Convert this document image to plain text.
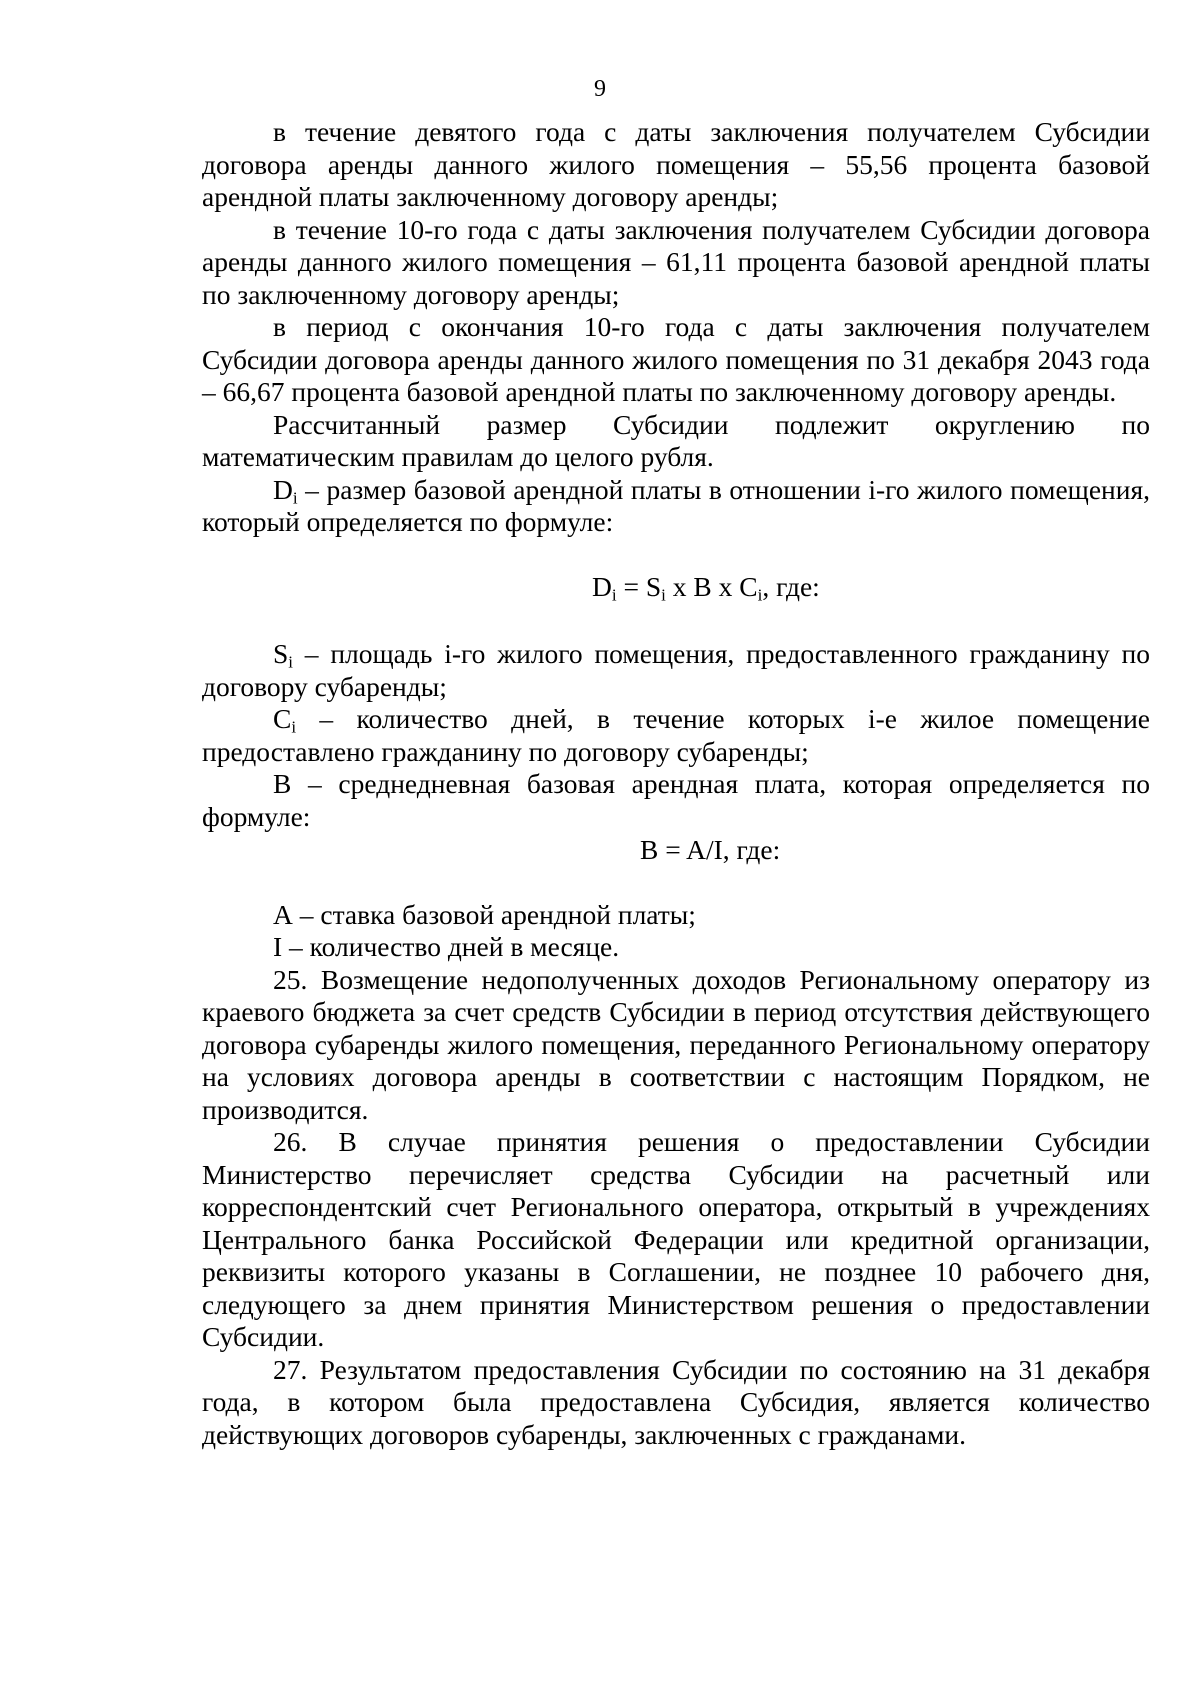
9

в течение девятого года с даты заключения получателем Субсидии договора аренды данного жилого помещения – 55,56 процента базовой арендной платы заключенному договору аренды;

в течение 10-го года с даты заключения получателем Субсидии договора аренды данного жилого помещения – 61,11 процента базовой арендной платы по заключенному договору аренды;

в период с окончания 10-го года с даты заключения получателем Субсидии договора аренды данного жилого помещения по 31 декабря 2043 года – 66,67 процента базовой арендной платы по заключенному договору аренды.

Рассчитанный размер Субсидии подлежит округлению по математическим правилам до целого рубля.

$D_i$ – размер базовой арендной платы в отношении i-го жилого помещения, который определяется по формуле:

$D_i = S_i$ х B х $C_i$, где:

$S_i$ – площадь i-го жилого помещения, предоставленного гражданину по договору субаренды;

$C_i$ – количество дней, в течение которых i-е жилое помещение предоставлено гражданину по договору субаренды;

В – среднедневная базовая арендная плата, которая определяется по формуле:

B = A/I, где:

А – ставка базовой арендной платы;

I – количество дней в месяце.

25. Возмещение недополученных доходов Региональному оператору из краевого бюджета за счет средств Субсидии в период отсутствия действующего договора субаренды жилого помещения, переданного Региональному оператору на условиях договора аренды в соответствии с настоящим Порядком, не производится.

26. В случае принятия решения о предоставлении Субсидии Министерство перечисляет средства Субсидии на расчетный или корреспондентский счет Регионального оператора, открытый в учреждениях Центрального банка Российской Федерации или кредитной организации, реквизиты которого указаны в Соглашении, не позднее 10 рабочего дня, следующего за днем принятия Министерством решения о предоставлении Субсидии.

27. Результатом предоставления Субсидии по состоянию на 31 декабря года, в котором была предоставлена Субсидия, является количество действующих договоров субаренды, заключенных с гражданами.
